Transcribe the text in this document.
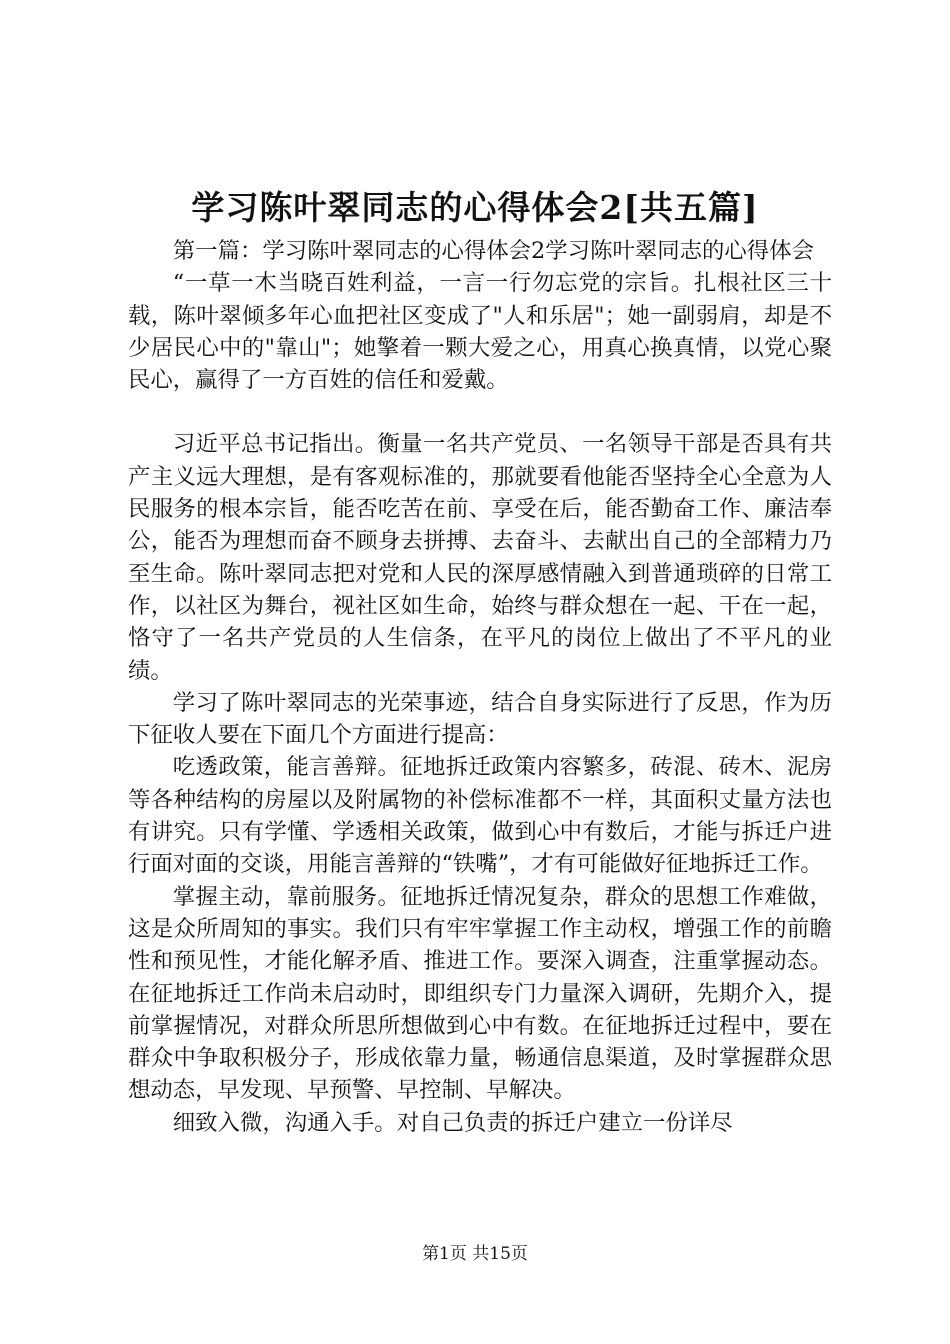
学习陈叶翠同志的心得体会2[共五篇]

第一篇：学习陈叶翠同志的心得体会2学习陈叶翠同志的心得体会

“一草一木当晓百姓利益，一言一行勿忘党的宗旨。扎根社区三十载，陈叶翠倾多年心血把社区变成了"人和乐居"；她一副弱肩，却是不少居民心中的"靠山"；她擎着一颗大爱之心，用真心换真情，以党心聚民心，赢得了一方百姓的信任和爱戴。

习近平总书记指出。衡量一名共产党员、一名领导干部是否具有共产主义远大理想，是有客观标准的，那就要看他能否坚持全心全意为人民服务的根本宗旨，能否吃苦在前、享受在后，能否勤奋工作、廉洁奉公，能否为理想而奋不顾身去拼搏、去奋斗、去献出自己的全部精力乃至生命。陈叶翠同志把对党和人民的深厚感情融入到普通琐碎的日常工作，以社区为舞台，视社区如生命，始终与群众想在一起、干在一起，恪守了一名共产党员的人生信条，在平凡的岗位上做出了不平凡的业绩。

学习了陈叶翠同志的光荣事迹，结合自身实际进行了反思，作为历下征收人要在下面几个方面进行提高：

吃透政策，能言善辩。征地拆迁政策内容繁多，砖混、砖木、泥房等各种结构的房屋以及附属物的补偿标准都不一样，其面积丈量方法也有讲究。只有学懂、学透相关政策，做到心中有数后，才能与拆迁户进行面对面的交谈，用能言善辩的“铁嘴”，才有可能做好征地拆迁工作。

掌握主动，靠前服务。征地拆迁情况复杂，群众的思想工作难做，这是众所周知的事实。我们只有牢牢掌握工作主动权，增强工作的前瞻性和预见性，才能化解矛盾、推进工作。要深入调查，注重掌握动态。在征地拆迁工作尚未启动时，即组织专门力量深入调研，先期介入，提前掌握情况，对群众所思所想做到心中有数。在征地拆迁过程中，要在群众中争取积极分子，形成依靠力量，畅通信息渠道，及时掌握群众思想动态，早发现、早预警、早控制、早解决。

细致入微，沟通入手。对自己负责的拆迁户建立一份详尽

第1页 共15页
